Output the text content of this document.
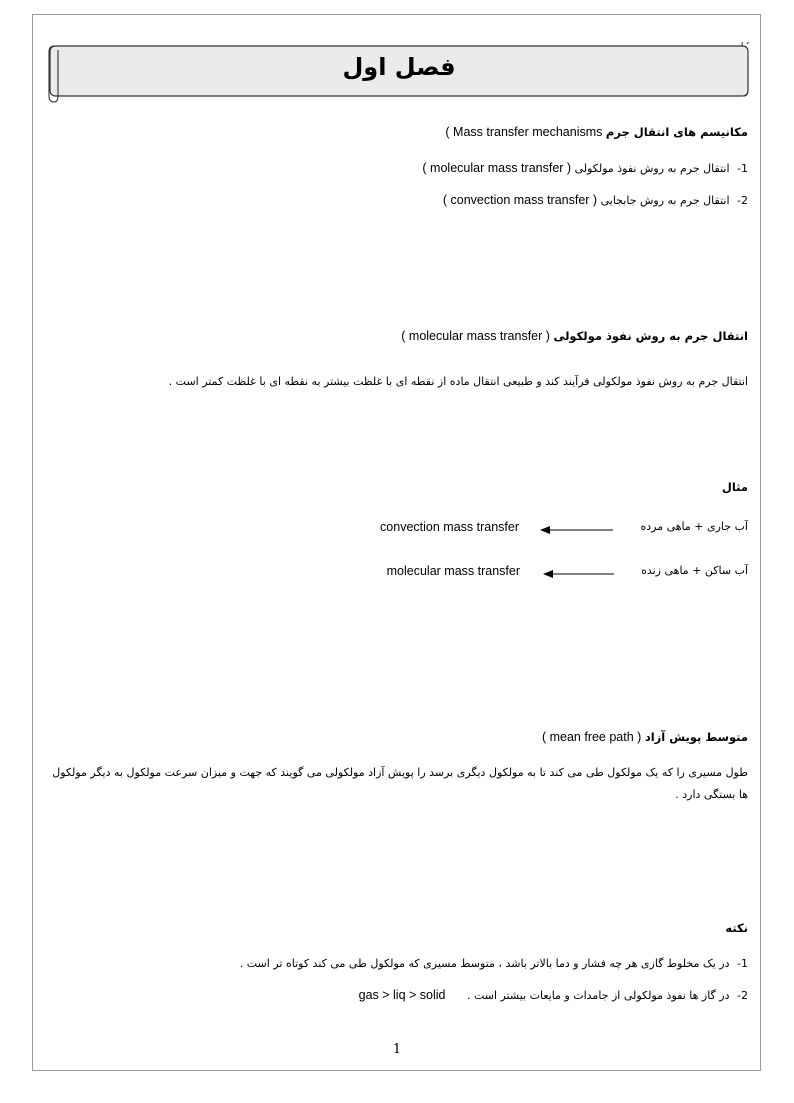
فصل اول
مکانیسم های انتقال جرم ( Mass transfer mechanisms
1- انتقال جرم به روش نفوذ مولکولی ( molecular mass transfer )
2- انتقال جرم به روش جابجایی ( convection mass transfer )
انتقال جرم به روش نفوذ مولکولی ( molecular mass transfer )
انتقال جرم به روش نفوذ مولکولی فرآیند کند و طبیعی انتقال ماده از نقطه ای با غلظت بیشتر به نقطه ای با غلظت کمتر است .
مثال
آب جاری + ماهی مرده
convection mass transfer
آب ساکن + ماهی زنده
molecular mass transfer
متوسط پویش آزاد ( mean free path )
طول مسیری را که یک مولکول طی می کند تا به مولکول دیگری برسد را پویش آزاد مولکولی می گویند که جهت و میزان سرعت مولکول به دیگر مولکول ها بستگی دارد .
نکته
1- در یک مخلوط گازی هر چه فشار و دما بالاتر باشد ، متوسط مسیری که مولکول طی می کند کوتاه تر است .
2- در گاز ها نفوذ مولکولی از جامدات و مایعات بیشتر است . gas > liq > solid
1
